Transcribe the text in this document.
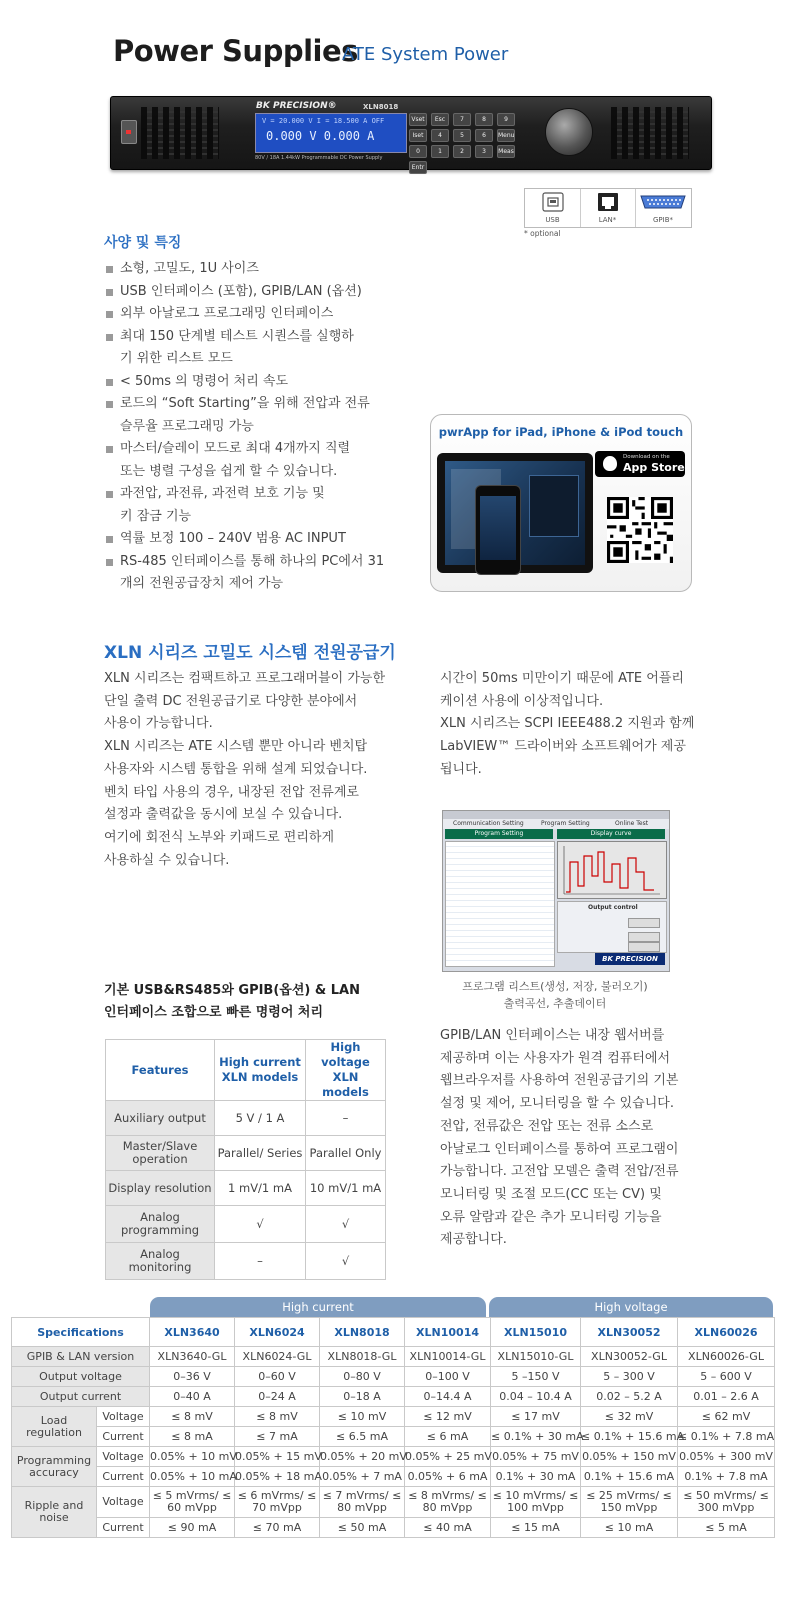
Power Supplies
ATE System Power
BK PRECISION®	XLN8018
V = 20.000 V I = 18.500 A OFF
0.000 V 0.000 A
80V / 18A 1.44kW Programmable DC Power Supply
Vset	Esc	7	8	9
Iset	4	5	6	Menu
0	1	2	3	Meas
Entr
USB	LAN*	GPIB*
* optional
사양 및 특징
소형, 고밀도, 1U 사이즈
USB 인터페이스 (포함), GPIB/LAN (옵션)
외부 아날로그 프로그래밍 인터페이스
최대 150 단계별 테스트 시퀀스를 실행하기 위한 리스트 모드
< 50ms 의 명령어 처리 속도
로드의 “Soft Starting”을 위해 전압과 전류 슬루율 프로그래밍 가능
마스터/슬레이 모드로 최대 4개까지 직렬 또는 병렬 구성을 쉽게 할 수 있습니다.
과전압, 과전류, 과전력 보호 기능 및 키 잠금 기능
역률 보정 100 – 240V 범용 AC INPUT
RS-485 인터페이스를 통해 하나의 PC에서 31개의 전원공급장치 제어 가능
pwrApp for iPad, iPhone & iPod touch
Download on the
App Store
XLN 시리즈 고밀도 시스템 전원공급기
XLN 시리즈는 컴팩트하고 프로그래머블이 가능한
단일 출력 DC 전원공급기로 다양한 분야에서
사용이 가능합니다.
XLN 시리즈는 ATE 시스템 뿐만 아니라 벤치탑
사용자와 시스템 통합을 위해 설계 되었습니다.
벤치 타입 사용의 경우, 내장된 전압 전류계로
설정과 출력값을 동시에 보실 수 있습니다.
여기에 회전식 노부와 키패드로 편리하게
사용하실 수 있습니다.
시간이 50ms 미만이기 때문에 ATE 어플리
케이션 사용에 이상적입니다.
XLN 시리즈는 SCPI IEEE488.2 지원과 함께
LabVIEW™ 드라이버와 소프트웨어가 제공
됩니다.
Communication Setting	Program Setting	Online Test
Program Setting	Display curve
Output control
BK PRECISION
프로그램 리스트(생성, 저장, 불러오기)
출력곡선, 추출데이터
기본 USB&RS485와 GPIB(옵션) & LAN
인터페이스 조합으로 빠른 명령어 처리
GPIB/LAN 인터페이스는 내장 웹서버를
제공하며 이는 사용자가 원격 컴퓨터에서
웹브라우저를 사용하여 전원공급기의 기본
설정 및 제어, 모니터링을 할 수 있습니다.
전압, 전류값은 전압 또는 전류 소스로
아날로그 인터페이스를 통하여 프로그램이
가능합니다. 고전압 모델은 출력 전압/전류
모니터링 및 조절 모드(CC 또는 CV) 및
오류 알람과 같은 추가 모니터링 기능을
제공합니다.
Features	High current XLN models	High voltage XLN models
Auxiliary output	5 V / 1 A	–
Master/Slave operation	Parallel/ Series	Parallel Only
Display resolution	1 mV/1 mA	10 mV/1 mA
Analog programming	√	√
Analog monitoring	–	√
High current	High voltage
Specifications		XLN3640	XLN6024	XLN8018	XLN10014	XLN15010	XLN30052	XLN60026
GPIB & LAN version		XLN3640-GL	XLN6024-GL	XLN8018-GL	XLN10014-GL	XLN15010-GL	XLN30052-GL	XLN60026-GL
Output voltage		0–36 V	0–60 V	0–80 V	0–100 V	5 –150 V	5 – 300 V	5 – 600 V
Output current		0–40 A	0–24 A	0–18 A	0–14.4 A	0.04 – 10.4 A	0.02 – 5.2 A	0.01 – 2.6 A
Load regulation	Voltage	≤ 8 mV	≤ 8 mV	≤ 10 mV	≤ 12 mV	≤ 17 mV	≤ 32 mV	≤ 62 mV
	Current	≤ 8 mA	≤ 7 mA	≤ 6.5 mA	≤ 6 mA	≤ 0.1% + 30 mA	≤ 0.1% + 15.6 mA	≤ 0.1% + 7.8 mA
Programming accuracy	Voltage	0.05% + 10 mV	0.05% + 15 mV	0.05% + 20 mV	0.05% + 25 mV	0.05% + 75 mV	0.05% + 150 mV	0.05% + 300 mV
	Current	0.05% + 10 mA	0.05% + 18 mA	0.05% + 7 mA	0.05% + 6 mA	0.1% + 30 mA	0.1% + 15.6 mA	0.1% + 7.8 mA
Ripple and noise	Voltage	≤ 5 mVrms/ ≤ 60 mVpp	≤ 6 mVrms/ ≤ 70 mVpp	≤ 7 mVrms/ ≤ 80 mVpp	≤ 8 mVrms/ ≤ 80 mVpp	≤ 10 mVrms/ ≤ 100 mVpp	≤ 25 mVrms/ ≤ 150 mVpp	≤ 50 mVrms/ ≤ 300 mVpp
	Current	≤ 90 mA	≤ 70 mA	≤ 50 mA	≤ 40 mA	≤ 15 mA	≤ 10 mA	≤ 5 mA
